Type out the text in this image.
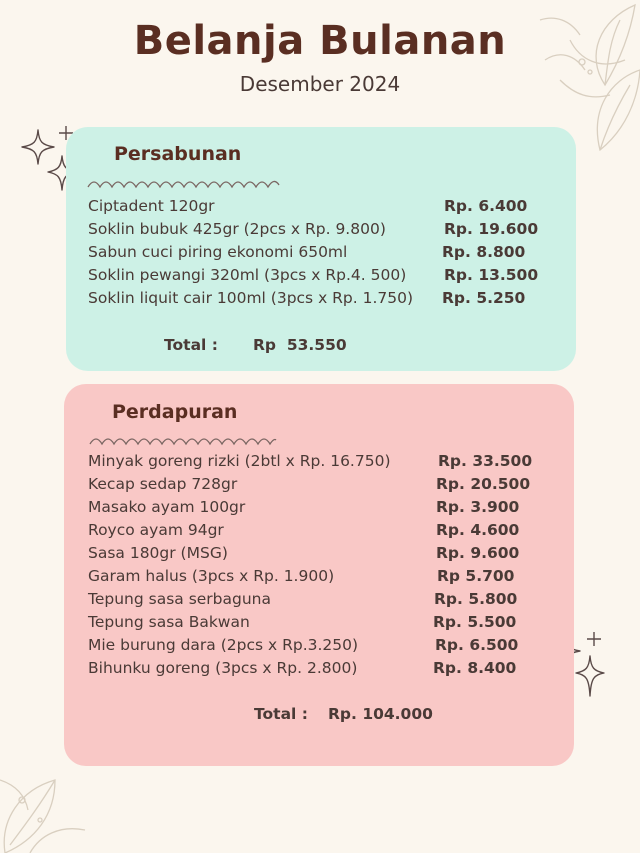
Belanja Bulanan
Desember 2024
Persabunan
Ciptadent 120gr	Rp. 6.400
Soklin bubuk 425gr (2pcs x Rp. 9.800)	Rp. 19.600
Sabun cuci piring ekonomi 650ml	Rp. 8.800
Soklin pewangi 320ml (3pcs x Rp.4. 500) Rp. 13.500
Soklin liquit cair 100ml (3pcs x Rp. 1.750) Rp. 5.250
Total : Rp  53.550
Perdapuran
Minyak goreng rizki (2btl x Rp. 16.750)	Rp. 33.500
Kecap sedap 728gr	Rp. 20.500
Masako ayam 100gr	Rp. 3.900
Royco ayam 94gr	Rp. 4.600
Sasa 180gr (MSG)	Rp. 9.600
Garam halus (3pcs x Rp. 1.900)	Rp 5.700
Tepung sasa serbaguna	Rp. 5.800
Tepung sasa Bakwan	Rp. 5.500
Mie burung dara (2pcs x Rp.3.250)	Rp. 6.500
Bihunku goreng (3pcs x Rp. 2.800)	Rp. 8.400
Total : Rp. 104.000
